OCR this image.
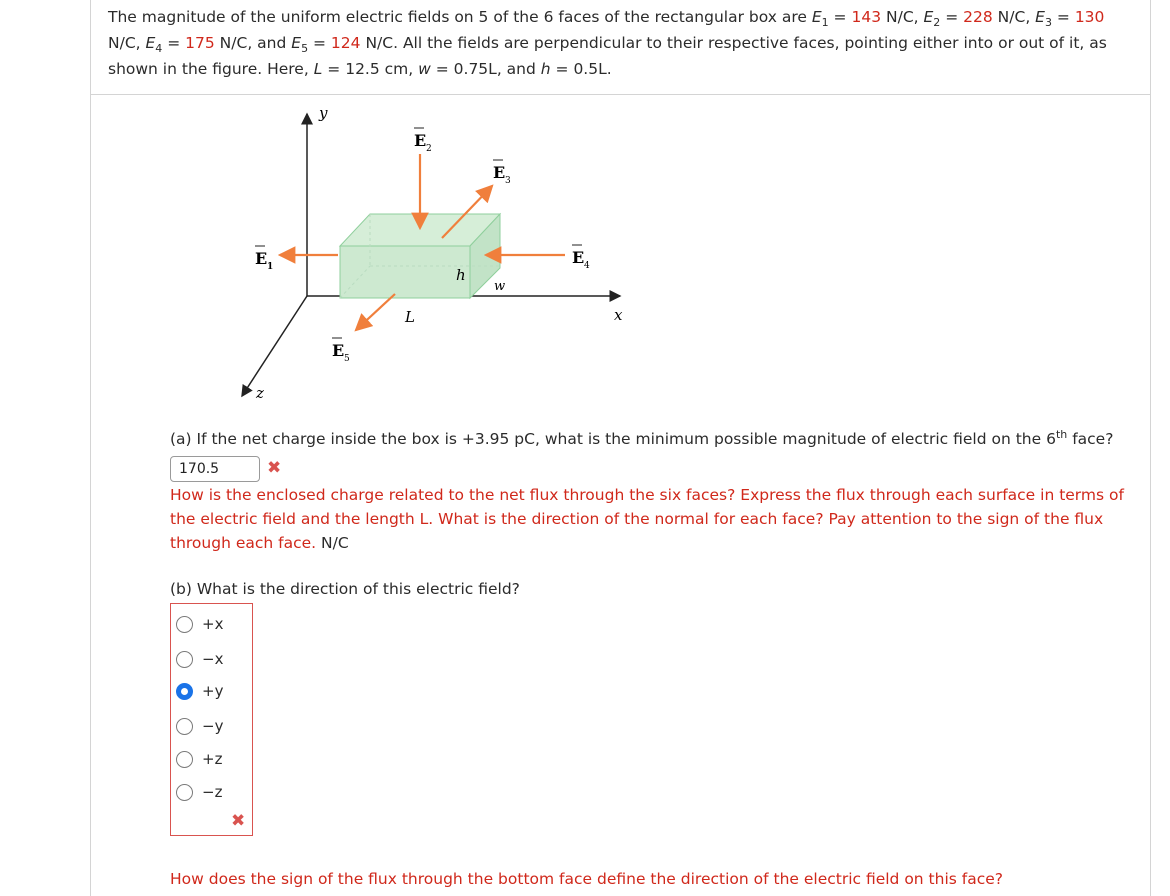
The magnitude of the uniform electric fields on 5 of the 6 faces of the rectangular box are $E_1 = 143$ N/C, $E_2 = 228$ N/C, $E_3 = 130$ N/C, $E_4 = 175$ N/C, and $E_5 = 124$ N/C. All the fields are perpendicular to their respective faces, pointing either into or out of it, as shown in the figure. Here, L = 12.5 cm, w = 0.75L, and h = 0.5L.
y
x
z
h
w
L
E 1
E 2
E 3
E 4
E 5
(a) If the net charge inside the box is +3.95 pC, what is the minimum possible magnitude of electric field on the 6th face?
170.5	✖
How is the enclosed charge related to the net flux through the six faces? Express the flux through each surface in terms of the electric field and the length L. What is the direction of the normal for each face? Pay attention to the sign of the flux through each face. N/C
(b) What is the direction of this electric field?
+x
−x
+y
−y
+z
−z
✖
How does the sign of the flux through the bottom face define the direction of the electric field on this face?
